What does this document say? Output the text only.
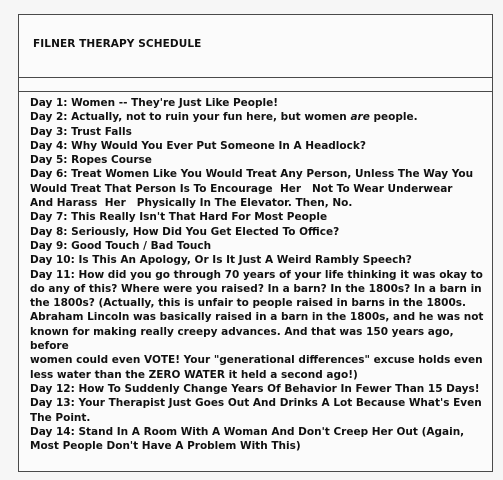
FILNER THERAPY SCHEDULE
Day 1: Women -- They're Just Like People!
Day 2: Actually, not to ruin your fun here, but women are people.
Day 3: Trust Falls
Day 4: Why Would You Ever Put Someone In A Headlock?
Day 5: Ropes Course
Day 6: Treat Women Like You Would Treat Any Person, Unless The Way You
Would Treat That Person Is To Encourage  Her   Not To Wear Underwear
And Harass  Her   Physically In The Elevator. Then, No.
Day 7: This Really Isn't That Hard For Most People
Day 8: Seriously, How Did You Get Elected To Office?
Day 9: Good Touch / Bad Touch
Day 10: Is This An Apology, Or Is It Just A Weird Rambly Speech?
Day 11: How did you go through 70 years of your life thinking it was okay to
do any of this? Where were you raised? In a barn? In the 1800s? In a barn in
the 1800s? (Actually, this is unfair to people raised in barns in the 1800s.
Abraham Lincoln was basically raised in a barn in the 1800s, and he was not
known for making really creepy advances. And that was 150 years ago, before
women could even VOTE! Your "generational differences" excuse holds even
less water than the ZERO WATER it held a second ago!)
Day 12: How To Suddenly Change Years Of Behavior In Fewer Than 15 Days!
Day 13: Your Therapist Just Goes Out And Drinks A Lot Because What's Even
The Point.
Day 14: Stand In A Room With A Woman And Don't Creep Her Out (Again,
Most People Don't Have A Problem With This)
